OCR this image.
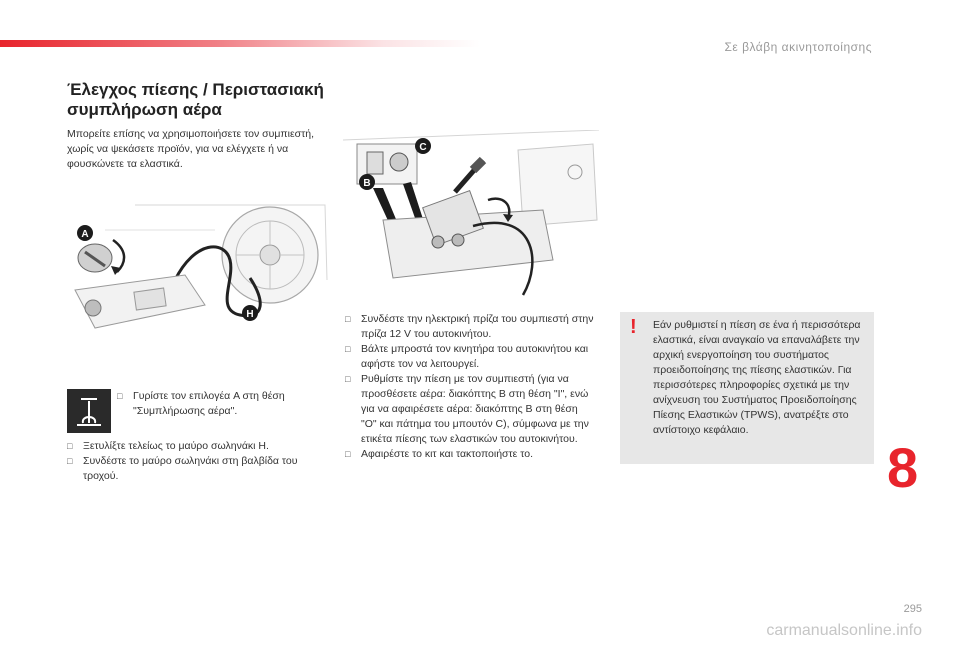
Σε βλάβη ακινητοποίησης
Έλεγχος πίεσης / Περιστασιακή συμπλήρωση αέρα

Μπορείτε επίσης να χρησιμοποιήσετε τον συμπιεστή, χωρίς να ψεκάσετε προϊόν, για να ελέγχετε ή να φουσκώνετε τα ελαστικά.

A
H
C
B
□ Γυρίστε τον επιλογέα A στη θέση "Συμπλήρωσης αέρα".
□ Ξετυλίξτε τελείως το μαύρο σωληνάκι H.
□ Συνδέστε το μαύρο σωληνάκι στη βαλβίδα του τροχού.
□ Συνδέστε την ηλεκτρική πρίζα του συμπιεστή στην πρίζα 12 V του αυτοκινήτου.
□ Βάλτε μπροστά τον κινητήρα του αυτοκινήτου και αφήστε τον να λειτουργεί.
□ Ρυθμίστε την πίεση με τον συμπιεστή (για να προσθέσετε αέρα: διακόπτης B στη θέση "I", ενώ για να αφαιρέσετε αέρα: διακόπτης B στη θέση "O" και πάτημα του μπουτόν C), σύμφωνα με την ετικέτα πίεσης των ελαστικών του αυτοκινήτου.
□ Αφαιρέστε το κιτ και τακτοποιήστε το.
! Εάν ρυθμιστεί η πίεση σε ένα ή περισσότερα ελαστικά, είναι αναγκαίο να επαναλάβετε την αρχική ενεργοποίηση του συστήματος προειδοποίησης της πίεσης ελαστικών. Για περισσότερες πληροφορίες σχετικά με την ανίχνευση του Συστήματος Προειδοποίησης Πίεσης Ελαστικών (TPWS), ανατρέξτε στο αντίστοιχο κεφάλαιο.
8
295
carmanualsonline.info
